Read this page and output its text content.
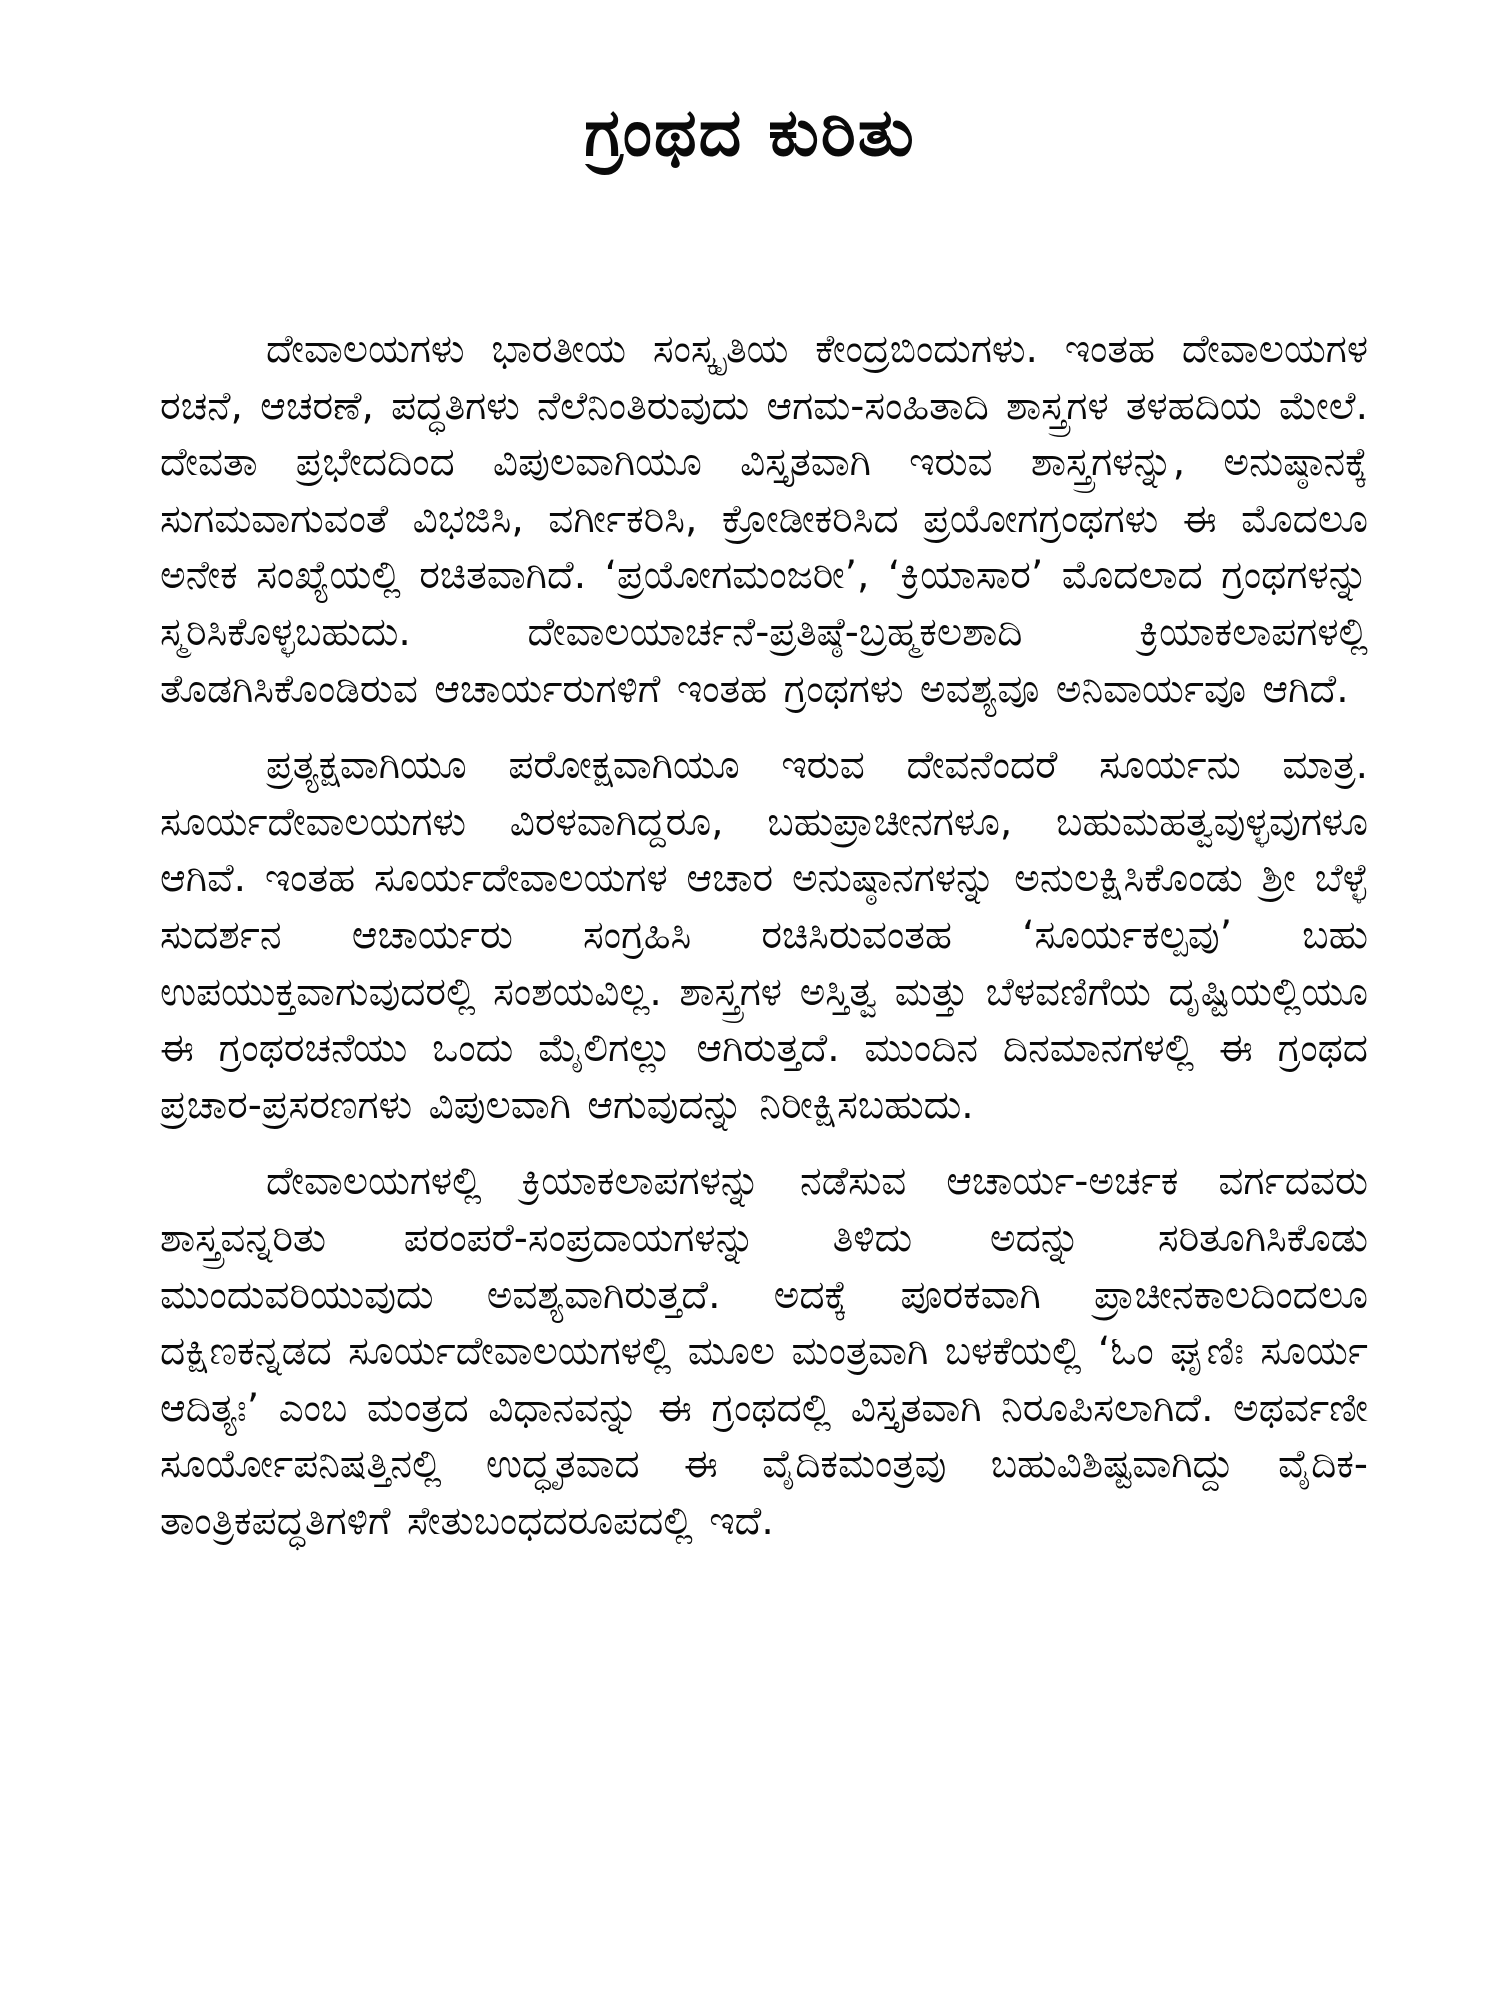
ಗ್ರಂಥದ ಕುರಿತು

ದೇವಾಲಯಗಳು ಭಾರತೀಯ ಸಂಸ್ಕೃತಿಯ ಕೇಂದ್ರಬಿಂದುಗಳು. ಇಂತಹ ದೇವಾಲಯಗಳ ರಚನೆ, ಆಚರಣೆ, ಪದ್ಧತಿಗಳು ನೆಲೆನಿಂತಿರುವುದು ಆಗಮ-ಸಂಹಿತಾದಿ ಶಾಸ್ತ್ರಗಳ ತಳಹದಿಯ ಮೇಲೆ. ದೇವತಾ ಪ್ರಭೇದದಿಂದ ವಿಪುಲವಾಗಿಯೂ ವಿಸ್ತೃತವಾಗಿ ಇರುವ ಶಾಸ್ತ್ರಗಳನ್ನು, ಅನುಷ್ಠಾನಕ್ಕೆ ಸುಗಮವಾಗುವಂತೆ ವಿಭಜಿಸಿ, ವರ್ಗೀಕರಿಸಿ, ಕ್ರೋಡೀಕರಿಸಿದ ಪ್ರಯೋಗಗ್ರಂಥಗಳು ಈ ಮೊದಲೂ ಅನೇಕ ಸಂಖ್ಯೆಯಲ್ಲಿ ರಚಿತವಾಗಿದೆ. ‘ಪ್ರಯೋಗಮಂಜರೀ’, ‘ಕ್ರಿಯಾಸಾರ’ ಮೊದಲಾದ ಗ್ರಂಥಗಳನ್ನು ಸ್ಮರಿಸಿಕೊಳ್ಳಬಹುದು. ದೇವಾಲಯಾರ್ಚನೆ-ಪ್ರತಿಷ್ಠೆ-ಬ್ರಹ್ಮಕಲಶಾದಿ ಕ್ರಿಯಾಕಲಾಪಗಳಲ್ಲಿ ತೊಡಗಿಸಿಕೊಂಡಿರುವ ಆಚಾರ್ಯರುಗಳಿಗೆ ಇಂತಹ ಗ್ರಂಥಗಳು ಅವಶ್ಯವೂ ಅನಿವಾರ್ಯವೂ ಆಗಿದೆ.

ಪ್ರತ್ಯಕ್ಷವಾಗಿಯೂ ಪರೋಕ್ಷವಾಗಿಯೂ ಇರುವ ದೇವನೆಂದರೆ ಸೂರ್ಯನು ಮಾತ್ರ. ಸೂರ್ಯದೇವಾಲಯಗಳು ವಿರಳವಾಗಿದ್ದರೂ, ಬಹುಪ್ರಾಚೀನಗಳೂ, ಬಹುಮಹತ್ವವುಳ್ಳವುಗಳೂ ಆಗಿವೆ. ಇಂತಹ ಸೂರ್ಯದೇವಾಲಯಗಳ ಆಚಾರ ಅನುಷ್ಠಾನಗಳನ್ನು ಅನುಲಕ್ಷಿಸಿಕೊಂಡು ಶ್ರೀ ಬೆಳ್ಳೆ ಸುದರ್ಶನ ಆಚಾರ್ಯರು ಸಂಗ್ರಹಿಸಿ ರಚಿಸಿರುವಂತಹ ‘ಸೂರ್ಯಕಲ್ಪವು’ ಬಹು ಉಪಯುಕ್ತವಾಗುವುದರಲ್ಲಿ ಸಂಶಯವಿಲ್ಲ. ಶಾಸ್ತ್ರಗಳ ಅಸ್ತಿತ್ವ ಮತ್ತು ಬೆಳವಣಿಗೆಯ ದೃಷ್ಟಿಯಲ್ಲಿಯೂ ಈ ಗ್ರಂಥರಚನೆಯು ಒಂದು ಮೈಲಿಗಲ್ಲು ಆಗಿರುತ್ತದೆ. ಮುಂದಿನ ದಿನಮಾನಗಳಲ್ಲಿ ಈ ಗ್ರಂಥದ ಪ್ರಚಾರ-ಪ್ರಸರಣಗಳು ವಿಪುಲವಾಗಿ ಆಗುವುದನ್ನು ನಿರೀಕ್ಷಿಸಬಹುದು.

ದೇವಾಲಯಗಳಲ್ಲಿ ಕ್ರಿಯಾಕಲಾಪಗಳನ್ನು ನಡೆಸುವ ಆಚಾರ್ಯ-ಅರ್ಚಕ ವರ್ಗದವರು ಶಾಸ್ತ್ರವನ್ನರಿತು ಪರಂಪರೆ-ಸಂಪ್ರದಾಯಗಳನ್ನು ತಿಳಿದು ಅದನ್ನು ಸರಿತೂಗಿಸಿಕೊಡು ಮುಂದುವರಿಯುವುದು ಅವಶ್ಯವಾಗಿರುತ್ತದೆ. ಅದಕ್ಕೆ ಪೂರಕವಾಗಿ ಪ್ರಾಚೀನಕಾಲದಿಂದಲೂ ದಕ್ಷಿಣಕನ್ನಡದ ಸೂರ್ಯದೇವಾಲಯಗಳಲ್ಲಿ ಮೂಲ ಮಂತ್ರವಾಗಿ ಬಳಕೆಯಲ್ಲಿ ‘ಓಂ ಘೃಣಿಃ ಸೂರ್ಯ ಆದಿತ್ಯಃ’ ಎಂಬ ಮಂತ್ರದ ವಿಧಾನವನ್ನು ಈ ಗ್ರಂಥದಲ್ಲಿ ವಿಸ್ತೃತವಾಗಿ ನಿರೂಪಿಸಲಾಗಿದೆ. ಅಥರ್ವಣೀ ಸೂರ್ಯೋಪನಿಷತ್ತಿನಲ್ಲಿ ಉದ್ಧೃತವಾದ ಈ ವೈದಿಕಮಂತ್ರವು ಬಹುವಿಶಿಷ್ಟವಾಗಿದ್ದು ವೈದಿಕ-ತಾಂತ್ರಿಕಪದ್ಧತಿಗಳಿಗೆ ಸೇತುಬಂಧದರೂಪದಲ್ಲಿ ಇದೆ.
